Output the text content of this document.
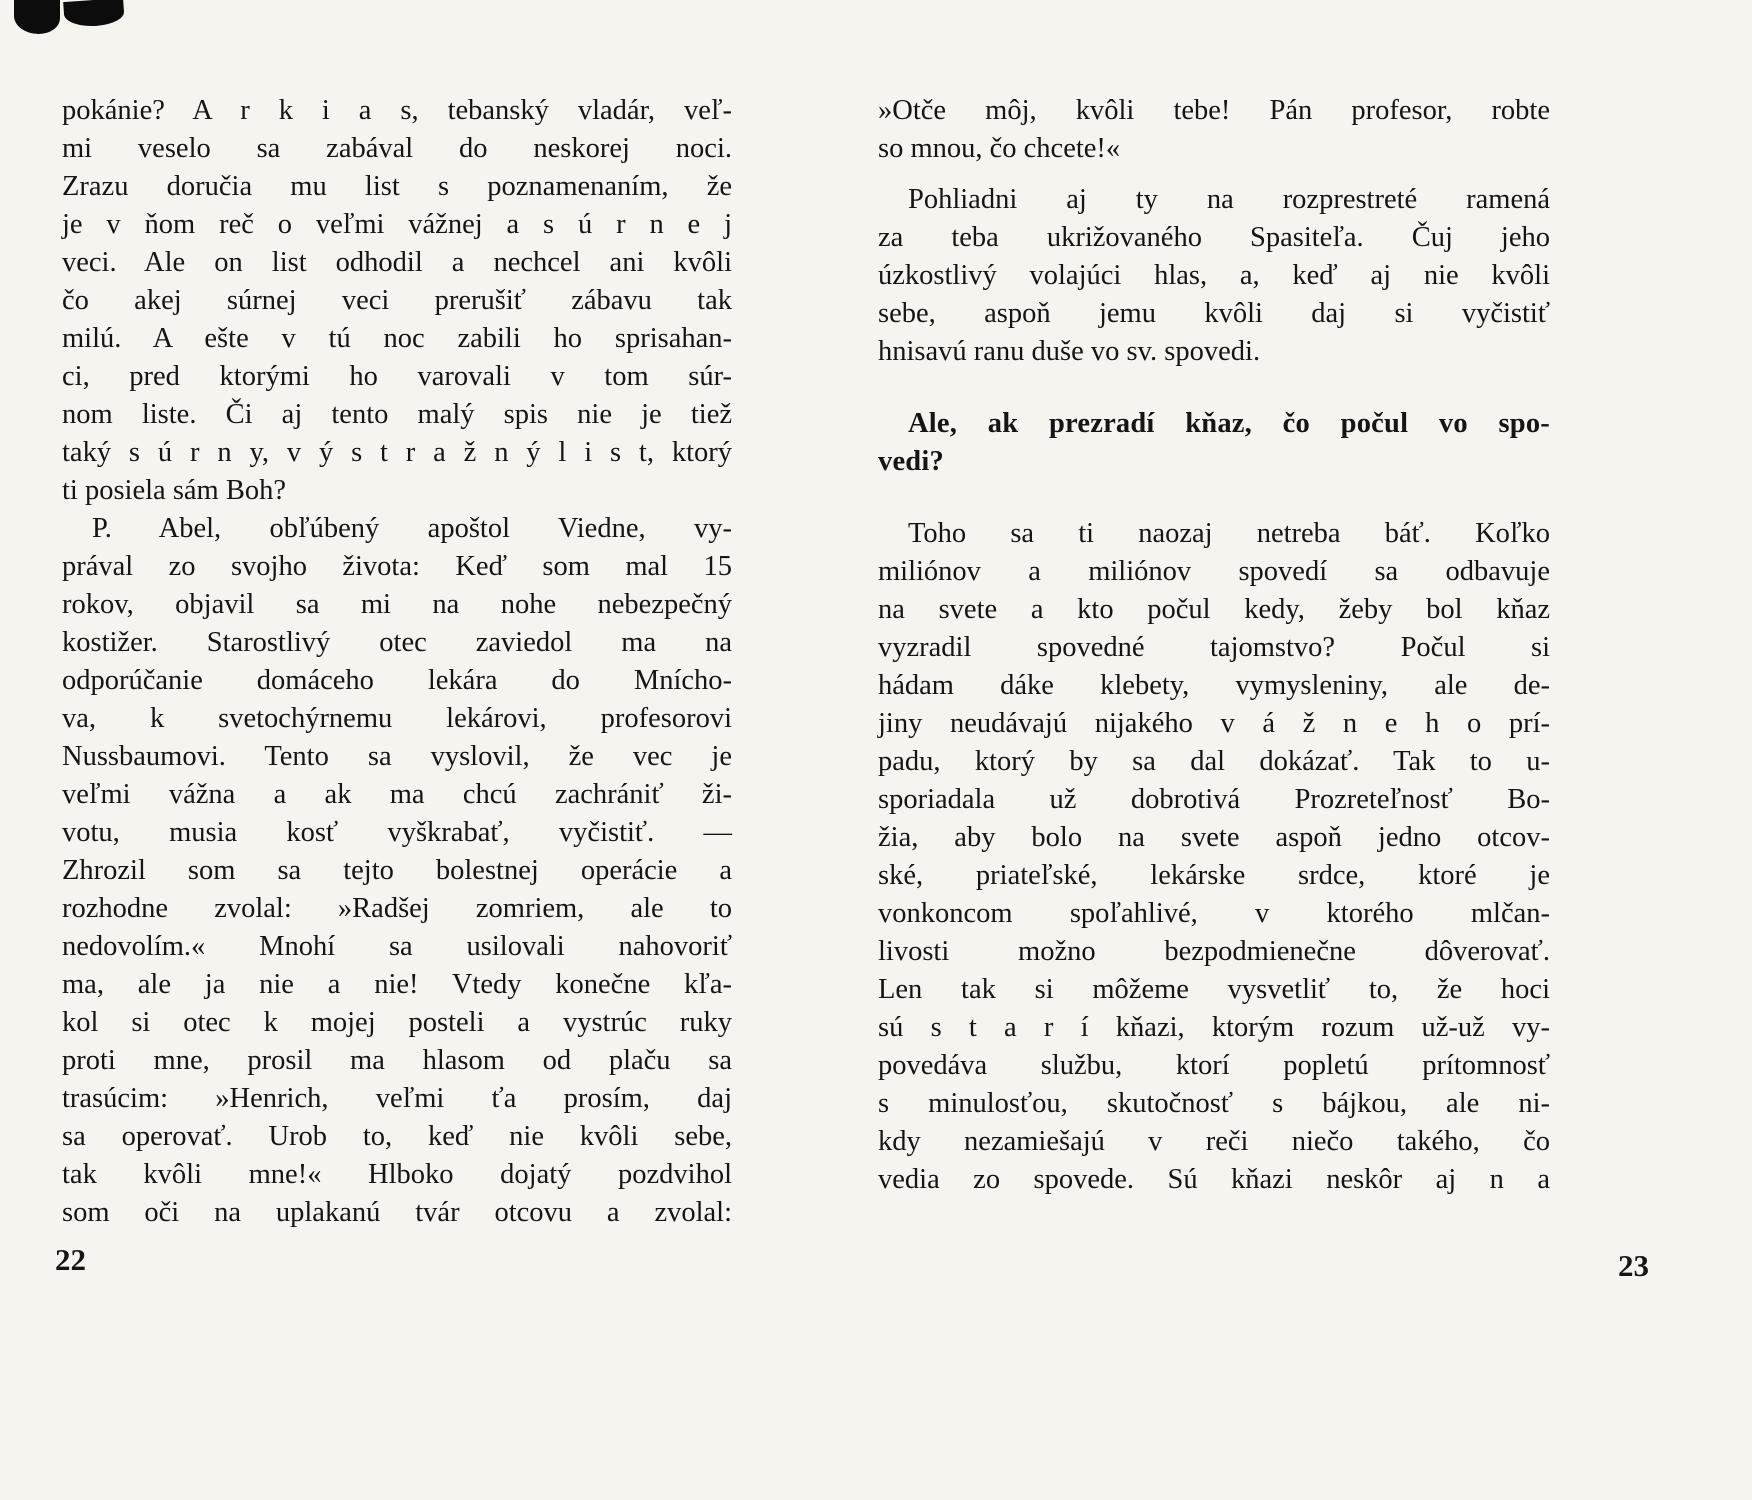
pokánie? A r k i a s, tebanský vladár, veľ-
mi veselo sa zabával do neskorej noci.
Zrazu doručia mu list s poznamenaním, že
je v ňom reč o veľmi vážnej a s ú r n e j
veci. Ale on list odhodil a nechcel ani kvôli
čo akej súrnej veci prerušiť zábavu tak
milú. A ešte v tú noc zabili ho sprisahan-
ci, pred ktorými ho varovali v tom súr-
nom liste. Či aj tento malý spis nie je tiež
taký s ú r n y, v ý s t r a ž n ý l i s t, ktorý
ti posiela sám Boh?
P. Abel, obľúbený apoštol Viedne, vy-
prával zo svojho života: Keď som mal 15
rokov, objavil sa mi na nohe nebezpečný
kostižer. Starostlivý otec zaviedol ma na
odporúčanie domáceho lekára do Mnícho-
va, k svetochýrnemu lekárovi, profesorovi
Nussbaumovi. Tento sa vyslovil, že vec je
veľmi vážna a ak ma chcú zachrániť ži-
votu, musia kosť vyškrabať, vyčistiť. —
Zhrozil som sa tejto bolestnej operácie a
rozhodne zvolal: »Radšej zomriem, ale to
nedovolím.« Mnohí sa usilovali nahovoriť
ma, ale ja nie a nie! Vtedy konečne kľa-
kol si otec k mojej posteli a vystrúc ruky
proti mne, prosil ma hlasom od plaču sa
trasúcim: »Henrich, veľmi ťa prosím, daj
sa operovať. Urob to, keď nie kvôli sebe,
tak kvôli mne!« Hlboko dojatý pozdvihol
som oči na uplakanú tvár otcovu a zvolal:
»Otče môj, kvôli tebe! Pán profesor, robte
so mnou, čo chcete!«
Pohliadni aj ty na rozprestreté ramená
za teba ukrižovaného Spasiteľa. Čuj jeho
úzkostlivý volajúci hlas, a, keď aj nie kvôli
sebe, aspoň jemu kvôli daj si vyčistiť
hnisavú ranu duše vo sv. spovedi.
Ale, ak prezradí kňaz, čo počul vo spo-
vedi?
Toho sa ti naozaj netreba báť. Koľko
miliónov a miliónov spovedí sa odbavuje
na svete a kto počul kedy, žeby bol kňaz
vyzradil spovedné tajomstvo? Počul si
hádam dáke klebety, vymysleniny, ale de-
jiny neudávajú nijakého v á ž n e h o prí-
padu, ktorý by sa dal dokázať. Tak to u-
sporiadala už dobrotivá Prozreteľnosť Bo-
žia, aby bolo na svete aspoň jedno otcov-
ské, priateľské, lekárske srdce, ktoré je
vonkoncom spoľahlivé, v ktorého mlčan-
livosti možno bezpodmienečne dôverovať.
Len tak si môžeme vysvetliť to, že hoci
sú s t a r í kňazi, ktorým rozum už-už vy-
povedáva službu, ktorí popletú prítomnosť
s minulosťou, skutočnosť s bájkou, ale ni-
kdy nezamiešajú v reči niečo takého, čo
vedia zo spovede. Sú kňazi neskôr aj n a
22	23
